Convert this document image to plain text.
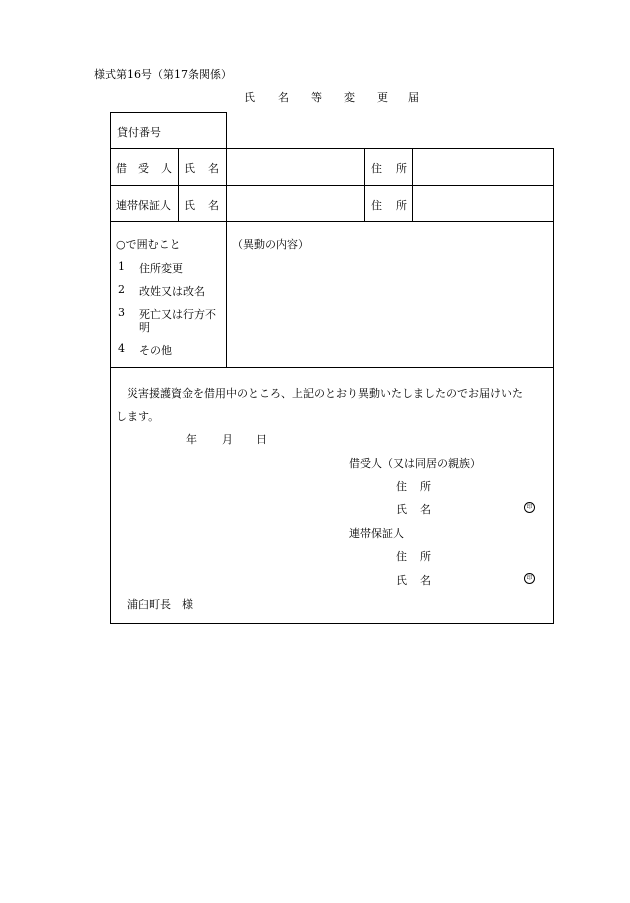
様式第16号（第17条関係）
氏 名 等 変 更 届
貸付番号
借 受 人 氏 名	住 所
連帯保証人 氏 名	住 所
○で囲むこと
1 住所変更
2 改姓又は改名
3 死亡又は行方不
明
4 その他
（異動の内容）
災害援護資金を借用中のところ、上記のとおり異動いたしましたのでお届けいた
します。
年 月 日
借受人（又は同居の親族）
住 所
氏 名	印
連帯保証人
住 所
氏 名	印
浦臼町長　様
